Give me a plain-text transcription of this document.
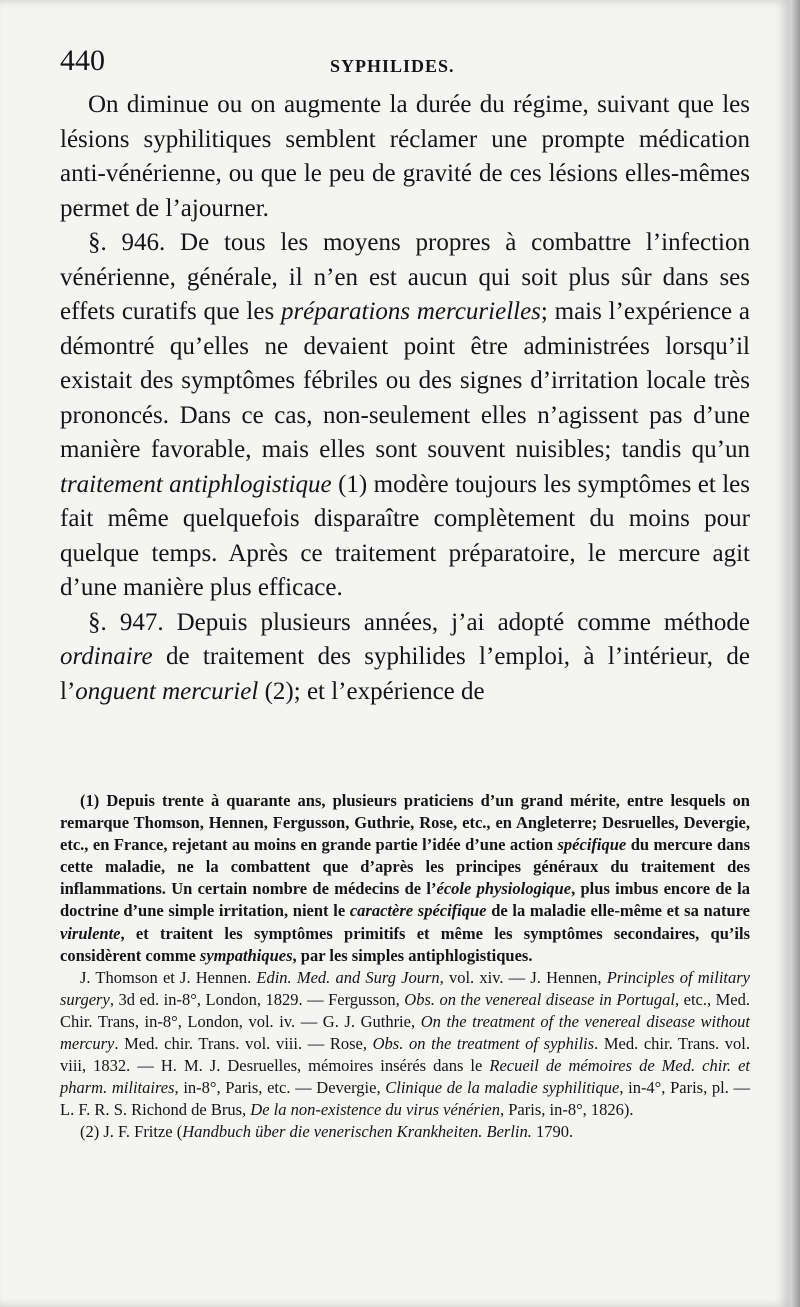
440	SYPHILIDES.

On diminue ou on augmente la durée du régime, suivant que les lésions syphilitiques semblent réclamer une prompte médication anti-vénérienne, ou que le peu de gravité de ces lésions elles-mêmes permet de l’ajourner.

§. 946. De tous les moyens propres à combattre l’infection vénérienne, générale, il n’en est aucun qui soit plus sûr dans ses effets curatifs que les préparations mercurielles; mais l’expérience a démontré qu’elles ne devaient point être administrées lorsqu’il existait des symptômes fébriles ou des signes d’irritation locale très prononcés. Dans ce cas, non-seulement elles n’agissent pas d’une manière favorable, mais elles sont souvent nuisibles; tandis qu’un traitement antiphlogistique (1) modère toujours les symptômes et les fait même quelquefois disparaître complètement du moins pour quelque temps. Après ce traitement préparatoire, le mercure agit d’une manière plus efficace.

§. 947. Depuis plusieurs années, j’ai adopté comme méthode ordinaire de traitement des syphilides l’emploi, à l’intérieur, de l’onguent mercuriel (2); et l’expérience de

(1) Depuis trente à quarante ans, plusieurs praticiens d’un grand mérite, entre lesquels on remarque Thomson, Hennen, Fergusson, Guthrie, Rose, etc., en Angleterre; Desruelles, Devergie, etc., en France, rejetant au moins en grande partie l’idée d’une action spécifique du mercure dans cette maladie, ne la combattent que d’après les principes généraux du traitement des inflammations. Un certain nombre de médecins de l’école physiologique, plus imbus encore de la doctrine d’une simple irritation, nient le caractère spécifique de la maladie elle-même et sa nature virulente, et traitent les symptômes primitifs et même les symptômes secondaires, qu’ils considèrent comme sympathiques, par les simples antiphlogistiques.

J. Thomson et J. Hennen. Edin. Med. and Surg Journ, vol. xiv. — J. Hennen, Principles of military surgery, 3d ed. in-8°, London, 1829. — Fergusson, Obs. on the venereal disease in Portugal, etc., Med. Chir. Trans, in-8°, London, vol. iv. — G. J. Guthrie, On the treatment of the venereal disease without mercury. Med. chir. Trans. vol. viii. — Rose, Obs. on the treatment of syphilis. Med. chir. Trans. vol. viii, 1832. — H. M. J. Desruelles, mémoires insérés dans le Recueil de mémoires de Med. chir. et pharm. militaires, in-8°, Paris, etc. — Devergie, Clinique de la maladie syphilitique, in-4°, Paris, pl. — L. F. R. S. Richond de Brus, De la non-existence du virus vénérien, Paris, in-8°, 1826).

(2) J. F. Fritze (Handbuch über die venerischen Krankheiten. Berlin. 1790.
